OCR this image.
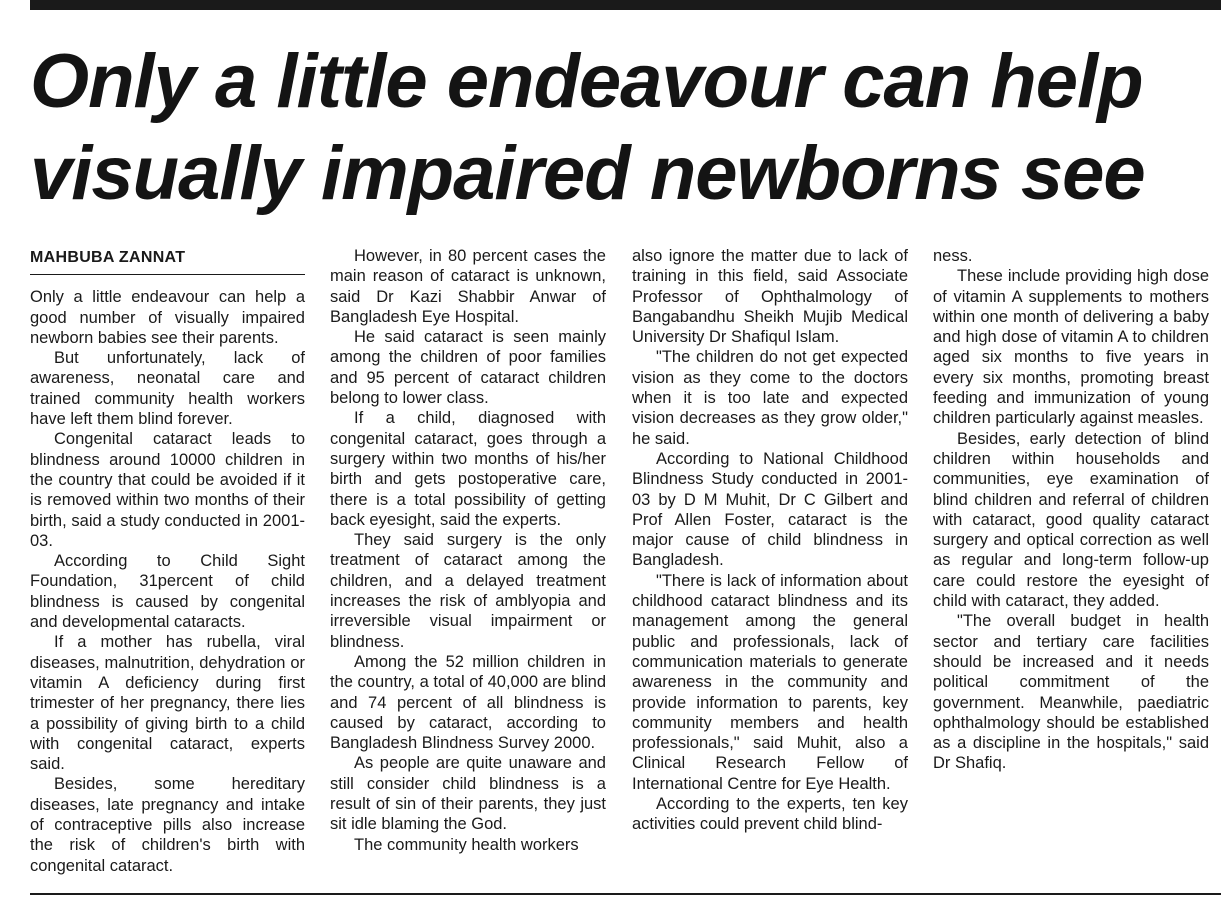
Only a little endeavour can help
visually impaired newborns see

MAHBUBA ZANNAT

Only a little endeavour can help a good number of visually impaired newborn babies see their parents.

But unfortunately, lack of awareness, neonatal care and trained community health workers have left them blind forever.

Congenital cataract leads to blindness around 10000 children in the country that could be avoided if it is removed within two months of their birth, said a study conducted in 2001-03.

According to Child Sight Foundation, 31percent of child blindness is caused by congenital and developmental cataracts.

If a mother has rubella, viral diseases, malnutrition, dehydration or vitamin A deficiency during first trimester of her pregnancy, there lies a possibility of giving birth to a child with congenital cataract, experts said.

Besides, some hereditary diseases, late pregnancy and intake of contraceptive pills also increase the risk of children's birth with congenital cataract.

However, in 80 percent cases the main reason of cataract is unknown, said Dr Kazi Shabbir Anwar of Bangladesh Eye Hospital.

He said cataract is seen mainly among the children of poor families and 95 percent of cataract children belong to lower class.

If a child, diagnosed with congenital cataract, goes through a surgery within two months of his/her birth and gets postoperative care, there is a total possibility of getting back eyesight, said the experts.

They said surgery is the only treatment of cataract among the children, and a delayed treatment increases the risk of amblyopia and irreversible visual impairment or blindness.

Among the 52 million children in the country, a total of 40,000 are blind and 74 percent of all blindness is caused by cataract, according to Bangladesh Blindness Survey 2000.

As people are quite unaware and still consider child blindness is a result of sin of their parents, they just sit idle blaming the God.

The community health workers

also ignore the matter due to lack of training in this field, said Associate Professor of Ophthalmology of Bangabandhu Sheikh Mujib Medical University Dr Shafiqul Islam.

"The children do not get expected vision as they come to the doctors when it is too late and expected vision decreases as they grow older," he said.

According to National Childhood Blindness Study conducted in 2001-03 by D M Muhit, Dr C Gilbert and Prof Allen Foster, cataract is the major cause of child blindness in Bangladesh.

"There is lack of information about childhood cataract blindness and its management among the general public and professionals, lack of communication materials to generate awareness in the community and provide information to parents, key community members and health professionals," said Muhit, also a Clinical Research Fellow of International Centre for Eye Health.

According to the experts, ten key activities could prevent child blind-

ness.

These include providing high dose of vitamin A supplements to mothers within one month of delivering a baby and high dose of vitamin A to children aged six months to five years in every six months, promoting breast feeding and immunization of young children particularly against measles.

Besides, early detection of blind children within households and communities, eye examination of blind children and referral of children with cataract, good quality cataract surgery and optical correction as well as regular and long-term follow-up care could restore the eyesight of child with cataract, they added.

"The overall budget in health sector and tertiary care facilities should be increased and it needs political commitment of the government. Meanwhile, paediatric ophthalmology should be established as a discipline in the hospitals," said Dr Shafiq.
